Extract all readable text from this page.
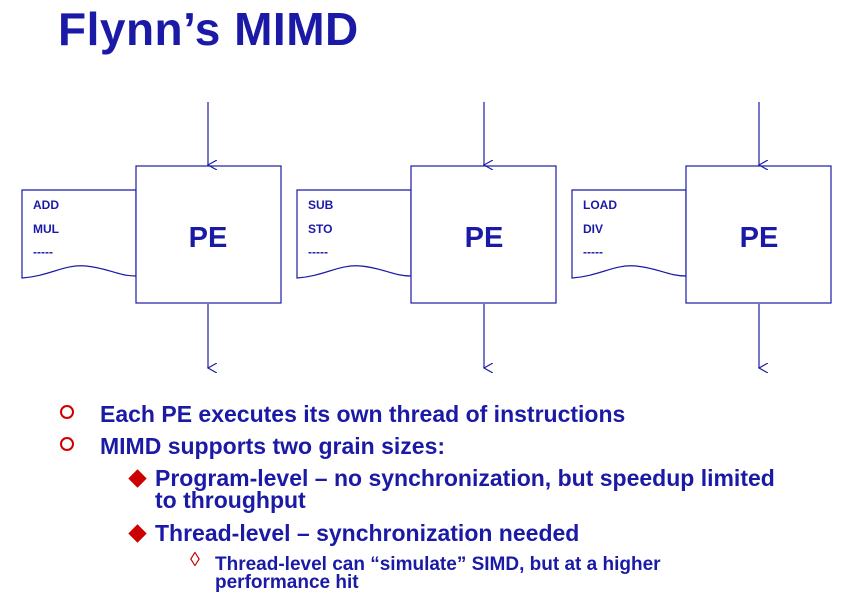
Flynn’s MIMD
ADD
MUL
-----	PE
SUB
STO
-----	PE
LOAD
DIV
-----	PE
Each PE executes its own thread of instructions
MIMD supports two grain sizes:
Program-level – no synchronization, but speedup limited to throughput
Thread-level – synchronization needed
◊ Thread-level can “simulate” SIMD, but at a higher performance hit
